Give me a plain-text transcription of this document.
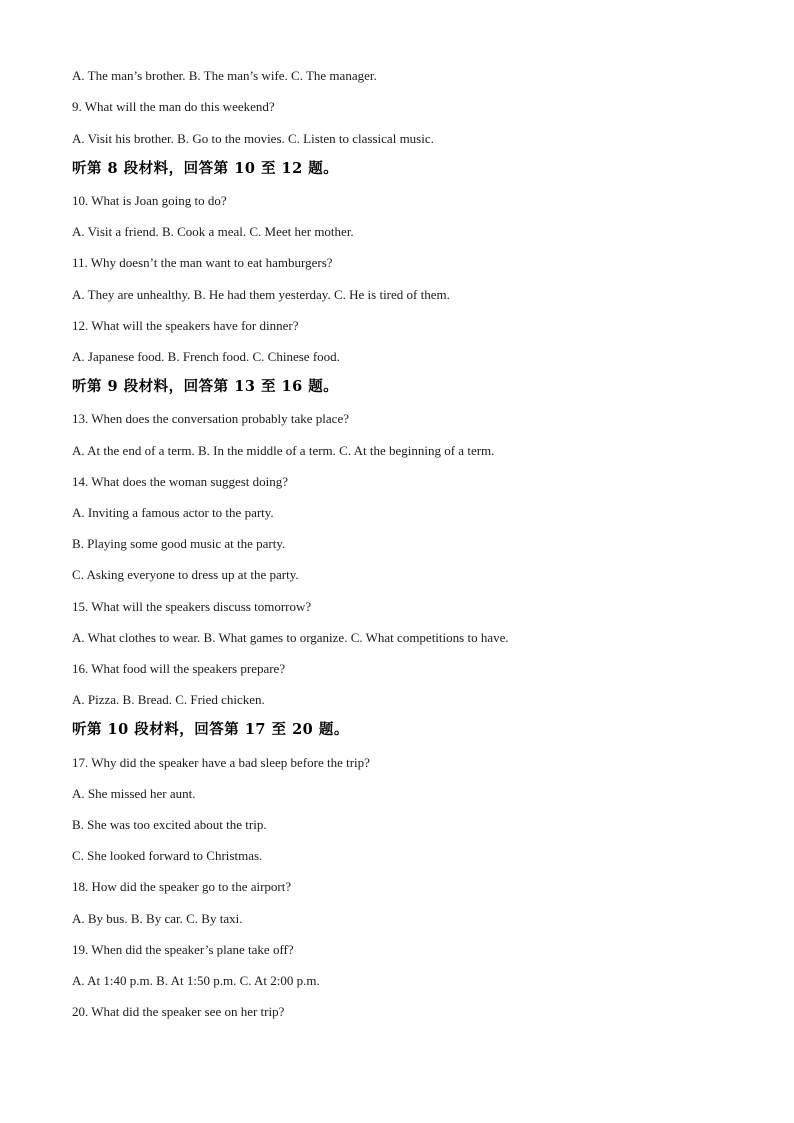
A. The man’s brother. B. The man’s wife. C. The manager.
9. What will the man do this weekend?
A. Visit his brother. B. Go to the movies. C. Listen to classical music.
听第 8 段材料，回答第 10 至 12 题。
10. What is Joan going to do?
A. Visit a friend. B. Cook a meal. C. Meet her mother.
11. Why doesn’t the man want to eat hamburgers?
A. They are unhealthy. B. He had them yesterday. C. He is tired of them.
12. What will the speakers have for dinner?
A. Japanese food. B. French food. C. Chinese food.
听第 9 段材料，回答第 13 至 16 题。
13. When does the conversation probably take place?
A. At the end of a term. B. In the middle of a term. C. At the beginning of a term.
14. What does the woman suggest doing?
A. Inviting a famous actor to the party.
B. Playing some good music at the party.
C. Asking everyone to dress up at the party.
15. What will the speakers discuss tomorrow?
A. What clothes to wear. B. What games to organize. C. What competitions to have.
16. What food will the speakers prepare?
A. Pizza. B. Bread. C. Fried chicken.
听第 10 段材料，回答第 17 至 20 题。
17. Why did the speaker have a bad sleep before the trip?
A. She missed her aunt.
B. She was too excited about the trip.
C. She looked forward to Christmas.
18. How did the speaker go to the airport?
A. By bus. B. By car. C. By taxi.
19. When did the speaker’s plane take off?
A. At 1:40 p.m. B. At 1:50 p.m. C. At 2:00 p.m.
20. What did the speaker see on her trip?
